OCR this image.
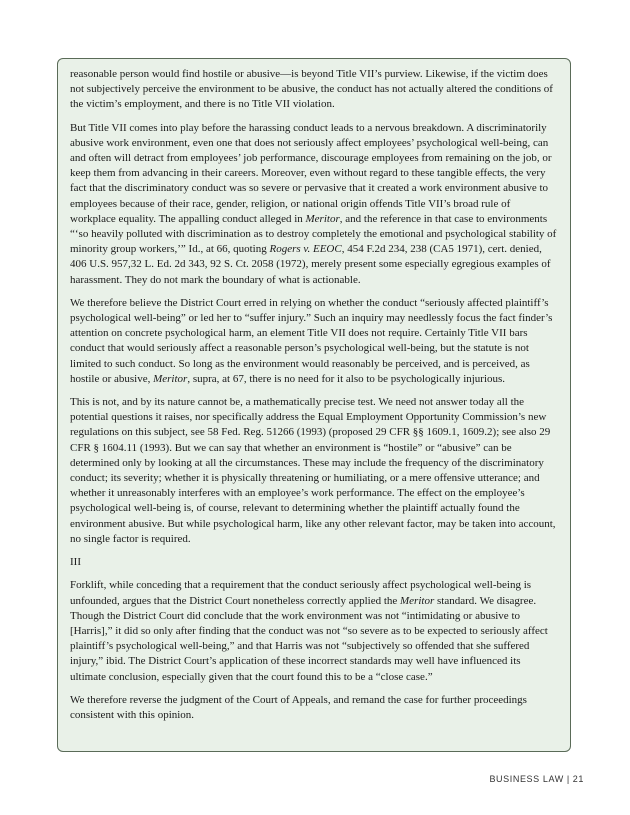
reasonable person would find hostile or abusive—is beyond Title VII’s purview. Likewise, if the victim does not subjectively perceive the environment to be abusive, the conduct has not actually altered the conditions of the victim’s employment, and there is no Title VII violation.

But Title VII comes into play before the harassing conduct leads to a nervous breakdown. A discriminatorily abusive work environment, even one that does not seriously affect employees’ psychological well-being, can and often will detract from employees’ job performance, discourage employees from remaining on the job, or keep them from advancing in their careers. Moreover, even without regard to these tangible effects, the very fact that the discriminatory conduct was so severe or pervasive that it created a work environment abusive to employees because of their race, gender, religion, or national origin offends Title VII’s broad rule of workplace equality. The appalling conduct alleged in Meritor, and the reference in that case to environments “‘so heavily polluted with discrimination as to destroy completely the emotional and psychological stability of minority group workers,’” Id., at 66, quoting Rogers v. EEOC, 454 F.2d 234, 238 (CA5 1971), cert. denied, 406 U.S. 957,32 L. Ed. 2d 343, 92 S. Ct. 2058 (1972), merely present some especially egregious examples of harassment. They do not mark the boundary of what is actionable.

We therefore believe the District Court erred in relying on whether the conduct “seriously affected plaintiff’s psychological well-being” or led her to “suffer injury.” Such an inquiry may needlessly focus the fact finder’s attention on concrete psychological harm, an element Title VII does not require. Certainly Title VII bars conduct that would seriously affect a reasonable person’s psychological well-being, but the statute is not limited to such conduct. So long as the environment would reasonably be perceived, and is perceived, as hostile or abusive, Meritor, supra, at 67, there is no need for it also to be psychologically injurious.

This is not, and by its nature cannot be, a mathematically precise test. We need not answer today all the potential questions it raises, nor specifically address the Equal Employment Opportunity Commission’s new regulations on this subject, see 58 Fed. Reg. 51266 (1993) (proposed 29 CFR §§ 1609.1, 1609.2); see also 29 CFR § 1604.11 (1993). But we can say that whether an environment is “hostile” or “abusive” can be determined only by looking at all the circumstances. These may include the frequency of the discriminatory conduct; its severity; whether it is physically threatening or humiliating, or a mere offensive utterance; and whether it unreasonably interferes with an employee’s work performance. The effect on the employee’s psychological well-being is, of course, relevant to determining whether the plaintiff actually found the environment abusive. But while psychological harm, like any other relevant factor, may be taken into account, no single factor is required.

III

Forklift, while conceding that a requirement that the conduct seriously affect psychological well-being is unfounded, argues that the District Court nonetheless correctly applied the Meritor standard. We disagree. Though the District Court did conclude that the work environment was not “intimidating or abusive to [Harris],” it did so only after finding that the conduct was not “so severe as to be expected to seriously affect plaintiff’s psychological well-being,” and that Harris was not “subjectively so offended that she suffered injury,” ibid. The District Court’s application of these incorrect standards may well have influenced its ultimate conclusion, especially given that the court found this to be a “close case.”

We therefore reverse the judgment of the Court of Appeals, and remand the case for further proceedings consistent with this opinion.

BUSINESS LAW | 21
